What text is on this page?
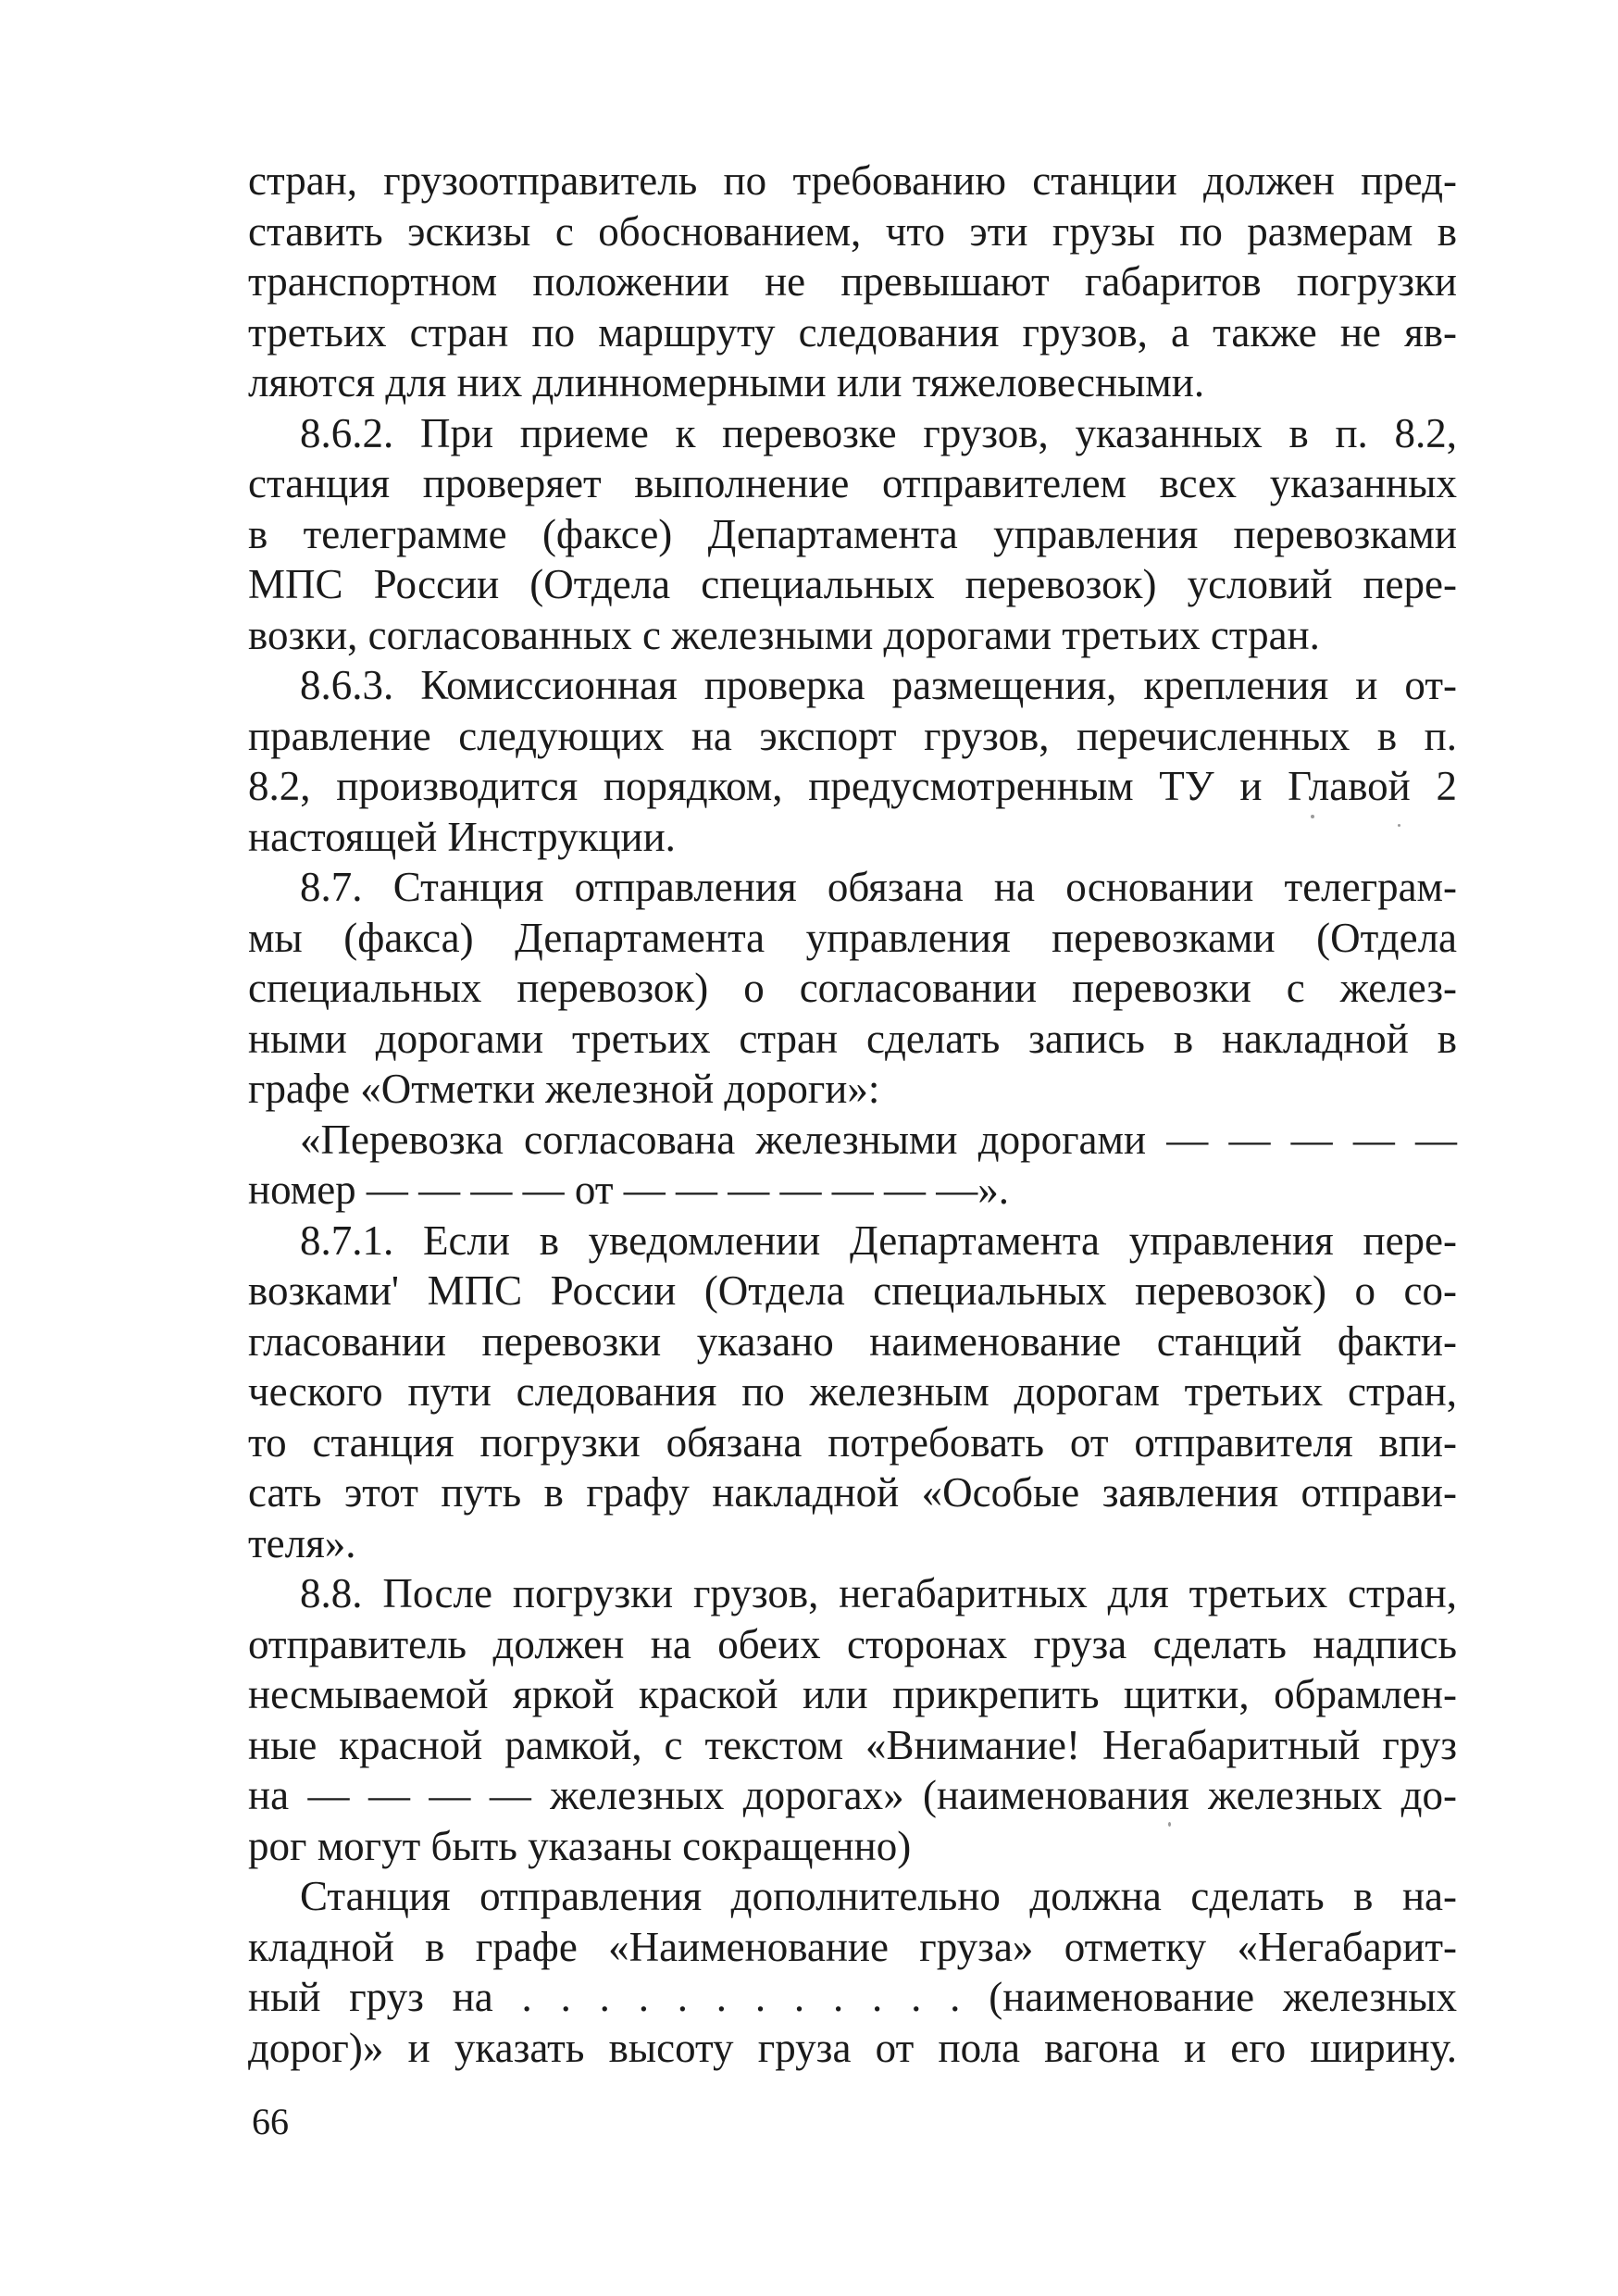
стран, грузоотправитель по требованию станции должен пред-
ставить эскизы с обоснованием, что эти грузы по размерам в
транспортном положении не превышают габаритов погрузки
третьих стран по маршруту следования грузов, а также не яв-
ляются для них длинномерными или тяжеловесными.
8.6.2. При приеме к перевозке грузов, указанных в п. 8.2,
станция проверяет выполнение отправителем всех указанных
в телеграмме (факсе) Департамента управления перевозками
МПС России (Отдела специальных перевозок) условий пере-
возки, согласованных с железными дорогами третьих стран.
8.6.3. Комиссионная проверка размещения, крепления и от-
правление следующих на экспорт грузов, перечисленных в п.
8.2, производится порядком, предусмотренным ТУ и Главой 2
настоящей Инструкции.
8.7. Станция отправления обязана на основании телеграм-
мы (факса) Департамента управления перевозками (Отдела
специальных перевозок) о согласовании перевозки с желез-
ными дорогами третьих стран сделать запись в накладной в
графе «Отметки железной дороги»:
«Перевозка согласована железными дорогами — — — — —
номер — — — — от — — — — — — —».
8.7.1. Если в уведомлении Департамента управления пере-
возками' МПС России (Отдела специальных перевозок) о со-
гласовании перевозки указано наименование станций факти-
ческого пути следования по железным дорогам третьих стран,
то станция погрузки обязана потребовать от отправителя впи-
сать этот путь в графу накладной «Особые заявления отправи-
теля».
8.8. После погрузки грузов, негабаритных для третьих стран,
отправитель должен на обеих сторонах груза сделать надпись
несмываемой яркой краской или прикрепить щитки, обрамлен-
ные красной рамкой, с текстом «Внимание! Негабаритный груз
на — — — — железных дорогах» (наименования железных до-
рог могут быть указаны сокращенно)
Станция отправления дополнительно должна сделать в на-
кладной в графе «Наименование груза» отметку «Негабарит-
ный груз на . . . . . . . . . . . . (наименование железных
дорог)» и указать высоту груза от пола вагона и его ширину.
66
